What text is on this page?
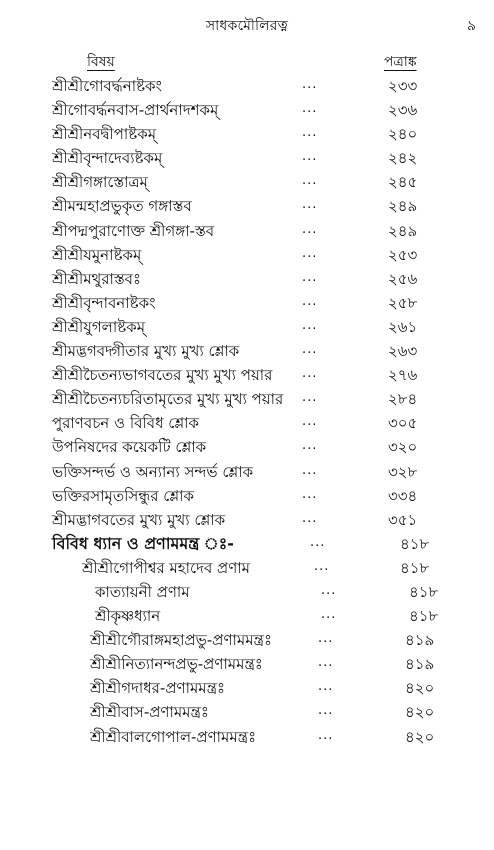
সাধকমৌলিরত্ন	৯
বিষয়	পত্রাঙ্ক
শ্রীশ্রীগোবর্দ্ধনাষ্টকং	...	২৩৩
শ্রীগোবর্দ্ধনবাস-প্রার্থনাদশকম্	...	২৩৬
শ্রীশ্রীনবদ্বীপাষ্টকম্	...	২৪০
শ্রীশ্রীবৃন্দাদেব্যষ্টকম্	...	২৪২
শ্রীশ্রীগঙ্গাস্তোত্রম্	...	২৪৫
শ্রীমন্মহাপ্রভুকৃত গঙ্গাস্তব	...	২৪৯
শ্রীপদ্মপুরাণোক্ত শ্রীগঙ্গা-স্তব	...	২৪৯
শ্রীশ্রীযমুনাষ্টকম্	...	২৫৩
শ্রীশ্রীমথুরাস্তবঃ	...	২৫৬
শ্রীশ্রীবৃন্দাবনাষ্টকং	...	২৫৮
শ্রীশ্রীযুগলাষ্টকম্	...	২৬১
শ্রীমদ্ভগবদ্গীতার মুখ্য মুখ্য শ্লোক	...	২৬৩
শ্রীশ্রীচৈতন্যভাগবতের মুখ্য মুখ্য পয়ার ...	২৭৬
শ্রীশ্রীচৈতন্যচরিতামৃতের মুখ্য মুখ্য পয়ার ...	২৮৪
পুরাণবচন ও বিবিধ শ্লোক	...	৩০৫
উপনিষদের কয়েকটি শ্লোক	...	৩২০
ভক্তিসন্দর্ভ ও অন্যান্য সন্দর্ভ শ্লোক	...	৩২৮
ভক্তিরসামৃতসিন্ধুর শ্লোক	...	৩৩৪
শ্রীমদ্ভাগবতের মুখ্য মুখ্য শ্লোক	...	৩৫১
বিবিধ ধ্যান ও প্রণামমন্ত্র ঃ-	...	৪১৮
শ্রীশ্রীগোপীশ্বর মহাদেব প্রণাম	...	৪১৮
কাত্যায়নী প্রণাম	...	৪১৮
শ্রীকৃষ্ণধ্যান	...	৪১৮
শ্রীশ্রীগৌরাঙ্গমহাপ্রভু-প্রণামমন্ত্রঃ	...	৪১৯
শ্রীশ্রীনিত্যানন্দপ্রভু-প্রণামমন্ত্রঃ	...	৪১৯
শ্রীশ্রীগদাধর-প্রণামমন্ত্রঃ	...	৪২০
শ্রীশ্রীবাস-প্রণামমন্ত্রঃ	...	৪২০
শ্রীশ্রীবালগোপাল-প্রণামমন্ত্রঃ	...	৪২০
